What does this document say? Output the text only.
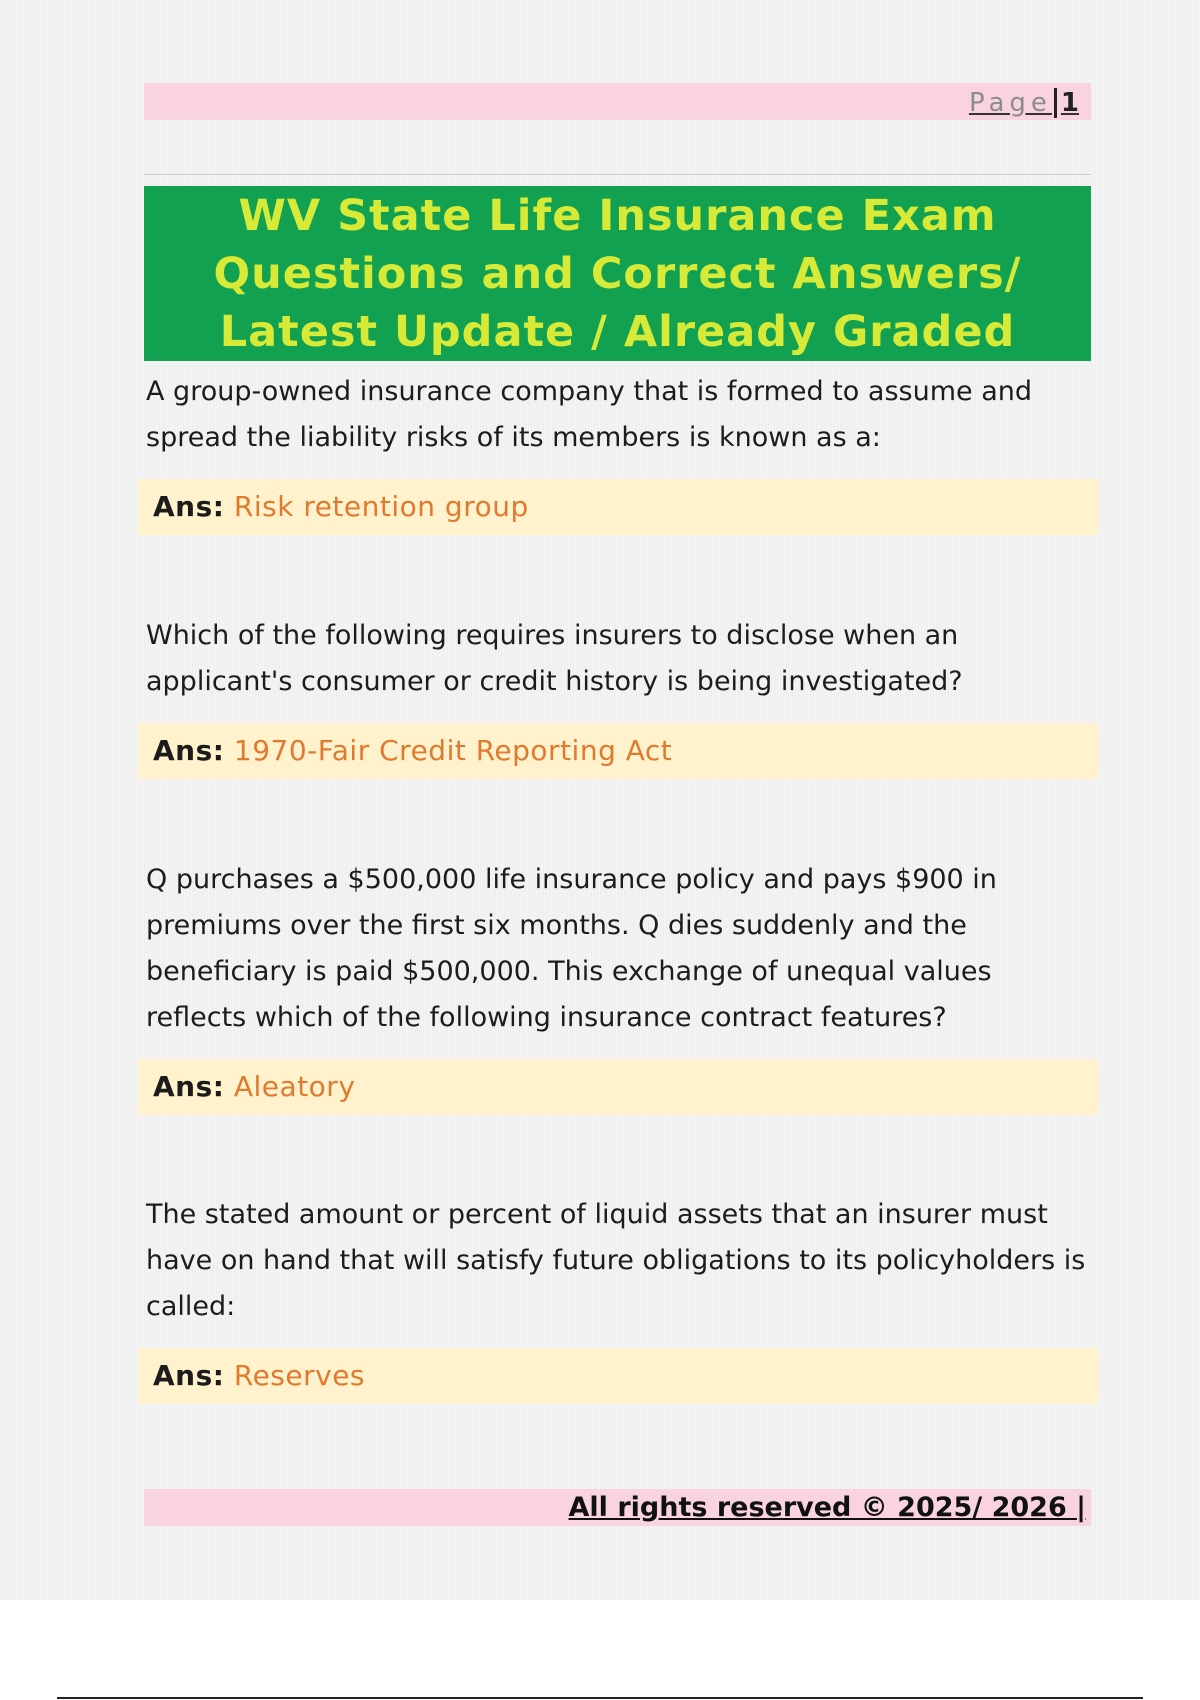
Page 1
WV State Life Insurance Exam Questions and Correct Answers/ Latest Update / Already Graded

A group-owned insurance company that is formed to assume and spread the liability risks of its members is known as a:

Ans: Risk retention group

Which of the following requires insurers to disclose when an applicant's consumer or credit history is being investigated?

Ans: 1970-Fair Credit Reporting Act

Q purchases a $500,000 life insurance policy and pays $900 in premiums over the first six months. Q dies suddenly and the beneficiary is paid $500,000. This exchange of unequal values reflects which of the following insurance contract features?

Ans: Aleatory

The stated amount or percent of liquid assets that an insurer must have on hand that will satisfy future obligations to its policyholders is called:

Ans: Reserves
All rights reserved © 2025/ 2026 |
